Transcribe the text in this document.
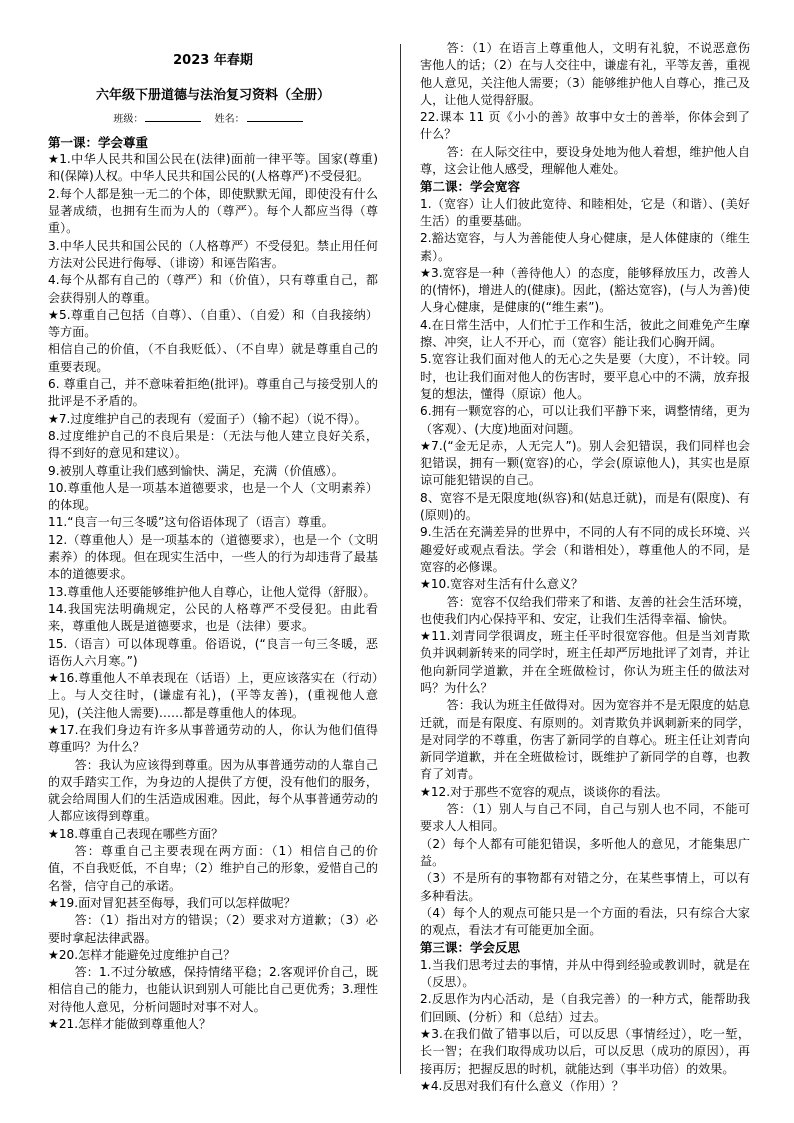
2023 年春期
六年级下册道德与法治复习资料（全册）
班级：	姓名：
第一课：学会尊重
★1.中华人民共和国公民在(法律)面前一律平等。国家(尊重)和(保障)人权。中华人民共和国公民的(人格尊严)不受侵犯。
2.每个人都是独一无二的个体，即使默默无闻，即使没有什么显著成绩，也拥有生而为人的（尊严）。每个人都应当得（尊重）。
3.中华人民共和国公民的（人格尊严）不受侵犯。禁止用任何方法对公民进行侮辱、（诽谤）和诬告陷害。
4.每个从都有自己的（尊严）和（价值），只有尊重自己，都会获得别人的尊重。
★5.尊重自己包括（自尊）、（自重）、（自爱）和（自我接纳）等方面。
相信自己的价值，（不自我贬低）、（不自卑）就是尊重自己的重要表现。
6. 尊重自己，并不意味着拒绝(批评)。尊重自己与接受别人的批评是不矛盾的。
★7.过度维护自己的表现有（爱面子）（输不起）（说不得）。
8.过度维护自己的不良后果是：（无法与他人建立良好关系，得不到好的意见和建议）。
9.被别人尊重让我们感到愉快、满足，充满（价值感）。
10.尊重他人是一项基本道德要求，也是一个人（文明素养）的体现。
11.“良言一句三冬暖”这句俗语体现了（语言）尊重。
12.（尊重他人）是一项基本的（道德要求），也是一个（文明素养）的体现。但在现实生活中，一些人的行为却违背了最基本的道德要求。
13.尊重他人还要能够维护他人自尊心，让他人觉得（舒服）。
14.我国宪法明确规定，公民的人格尊严不受侵犯。由此看来，尊重他人既是道德要求，也是（法律）要求。
15.（语言）可以体现尊重。俗语说，(“良言一句三冬暖，恶语伤人六月寒。”)
★16.尊重他人不单表现在（话语）上，更应该落实在（行动）上。与人交往时，(谦虚有礼)，(平等友善)，(重视他人意见)，(关注他人需要)……都是尊重他人的体现。
★17.在我们身边有许多从事普通劳动的人，你认为他们值得尊重吗？为什么？
答：我认为应该得到尊重。因为从事普通劳动的人靠自己的双手踏实工作，为身边的人提供了方便，没有他们的服务，就会给周围人们的生活造成困难。因此，每个从事普通劳动的人都应该得到尊重。
★18.尊重自己表现在哪些方面？
答：尊重自己主要表现在两方面：（1）相信自己的价值，不自我贬低，不自卑；（2）维护自己的形象，爱惜自己的名誉，信守自己的承诺。
★19.面对冒犯甚至侮辱，我们可以怎样做呢？
答：（1）指出对方的错误；（2）要求对方道歉；（3）必要时拿起法律武器。
★20.怎样才能避免过度维护自己？
答：1.不过分敏感，保持情绪平稳；2.客观评价自己，既相信自己的能力，也能认识到别人可能比自己更优秀；3.理性对待他人意见，分析问题时对事不对人。
★21.怎样才能做到尊重他人？
答：（1）在语言上尊重他人，文明有礼貌，不说恶意伤害他人的话；（2）在与人交往中，谦虚有礼，平等友善，重视他人意见，关注他人需要；（3）能够维护他人自尊心，推己及人，让他人觉得舒服。
22.课本 11 页《小小的善》故事中女士的善举，你体会到了什么？
答：在人际交往中，要设身处地为他人着想，维护他人自尊，这会让他人感受，理解他人难处。
第二课：学会宽容
1.（宽容）让人们彼此宽待、和睦相处，它是（和谐）、(美好生活）的重要基础。
2.豁达宽容，与人为善能使人身心健康，是人体健康的（维生素）。
★3.宽容是一种（善待他人）的态度，能够释放压力，改善人的(情怀)，增进人的(健康)。因此，(豁达宽容)，(与人为善)使人身心健康，是健康的(“维生素”)。
4.在日常生活中，人们忙于工作和生活，彼此之间难免产生摩擦、冲突，让人不开心，而（宽容）能让我们心胸开阔。
5.宽容让我们面对他人的无心之失是要（大度），不计较。同时，也让我们面对他人的伤害时，要平息心中的不满，放弃报复的想法，懂得（原谅）他人。
6.拥有一颗宽容的心，可以让我们平静下来，调整情绪，更为（客观）、(大度)地面对问题。
★7.(“金无足赤，人无完人”)。别人会犯错误，我们同样也会犯错误，拥有一颗(宽容)的心，学会(原谅他人)，其实也是原谅可能犯错误的自己。
8、宽容不是无限度地(纵容)和(姑息迁就)，而是有(限度)、有(原则)的。
9.生活在充满差异的世界中，不同的人有不同的成长环境、兴趣爱好或观点看法。学会（和谐相处），尊重他人的不同，是宽容的必修课。
★10.宽容对生活有什么意义？
答：宽容不仅给我们带来了和谐、友善的社会生活环境，也使我们内心保持平和、安定，让我们生活得幸福、愉快。
★11.刘青同学很调皮，班主任平时很宽容他。但是当刘青欺负并讽刺新转来的同学时，班主任却严厉地批评了刘青，并让他向新同学道歉，并在全班做检讨，你认为班主任的做法对吗？为什么？
答：我认为班主任做得对。因为宽容并不是无限度的姑息迁就，而是有限度、有原则的。刘青欺负并讽刺新来的同学，是对同学的不尊重，伤害了新同学的自尊心。班主任让刘青向新同学道歉，并在全班做检讨，既维护了新同学的自尊，也教育了刘青。
★12.对于那些不宽容的观点，谈谈你的看法。
答：（1）别人与自己不同，自己与别人也不同，不能可要求人人相同。
（2）每个人都有可能犯错误，多听他人的意见，才能集思广益。
（3）不是所有的事物都有对错之分，在某些事情上，可以有多种看法。
（4）每个人的观点可能只是一个方面的看法，只有综合大家的观点，看法才有可能更加全面。
第三课：学会反思
1.当我们思考过去的事情，并从中得到经验或教训时，就是在（反思）。
2.反思作为内心活动，是（自我完善）的一种方式，能帮助我们回顾、(分析）和（总结）过去。
★3.在我们做了错事以后，可以反思（事情经过），吃一堑，长一智；在我们取得成功以后，可以反思（成功的原因），再接再厉；把握反思的时机，就能达到（事半功倍）的效果。
★4.反思对我们有什么意义（作用）？
